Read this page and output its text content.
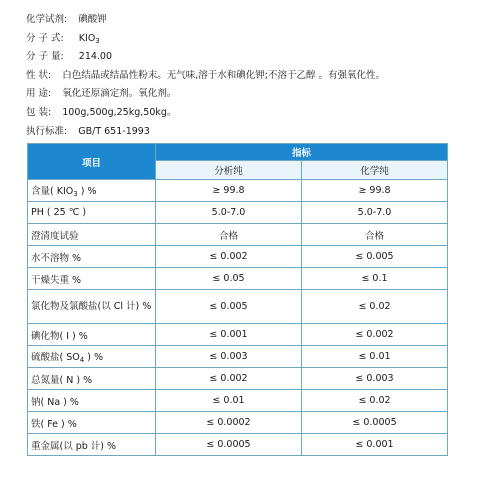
化学试剂: 碘酸钾
分 子 式: $KIO_3$
分 子 量: 214.00
性 状: 白色结晶或结晶性粉末。无气味,溶于水和碘化钾;不溶于乙醇 。有强氧化性。
用 途: 氧化还原滴定剂。氧化剂。
包 装: 100g,500g,25kg,50kg。
执行标准: GB/T 651-1993
项目	指标	
	分析纯	化学纯
含量( $KIO_3$ ) %	≥ 99.8	≥ 99.8
PH ( 25 ℃ )	5.0-7.0	5.0-7.0
澄清度试验	合格	合格
水不溶物 %	≤ 0.002	≤ 0.005
干燥失重 %	≤ 0.05	≤ 0.1
氯化物及氯酸盐(以 Cl 计) %	≤ 0.005	≤ 0.02
碘化物( I ) %	≤ 0.001	≤ 0.002
硫酸盐( $SO_4$ ) %	≤ 0.003	≤ 0.01
总氮量( N ) %	≤ 0.002	≤ 0.003
钠( Na ) %	≤ 0.01	≤ 0.02
铁( Fe ) %	≤ 0.0002	≤ 0.0005
重金属(以 pb 计) %	≤ 0.0005	≤ 0.001
